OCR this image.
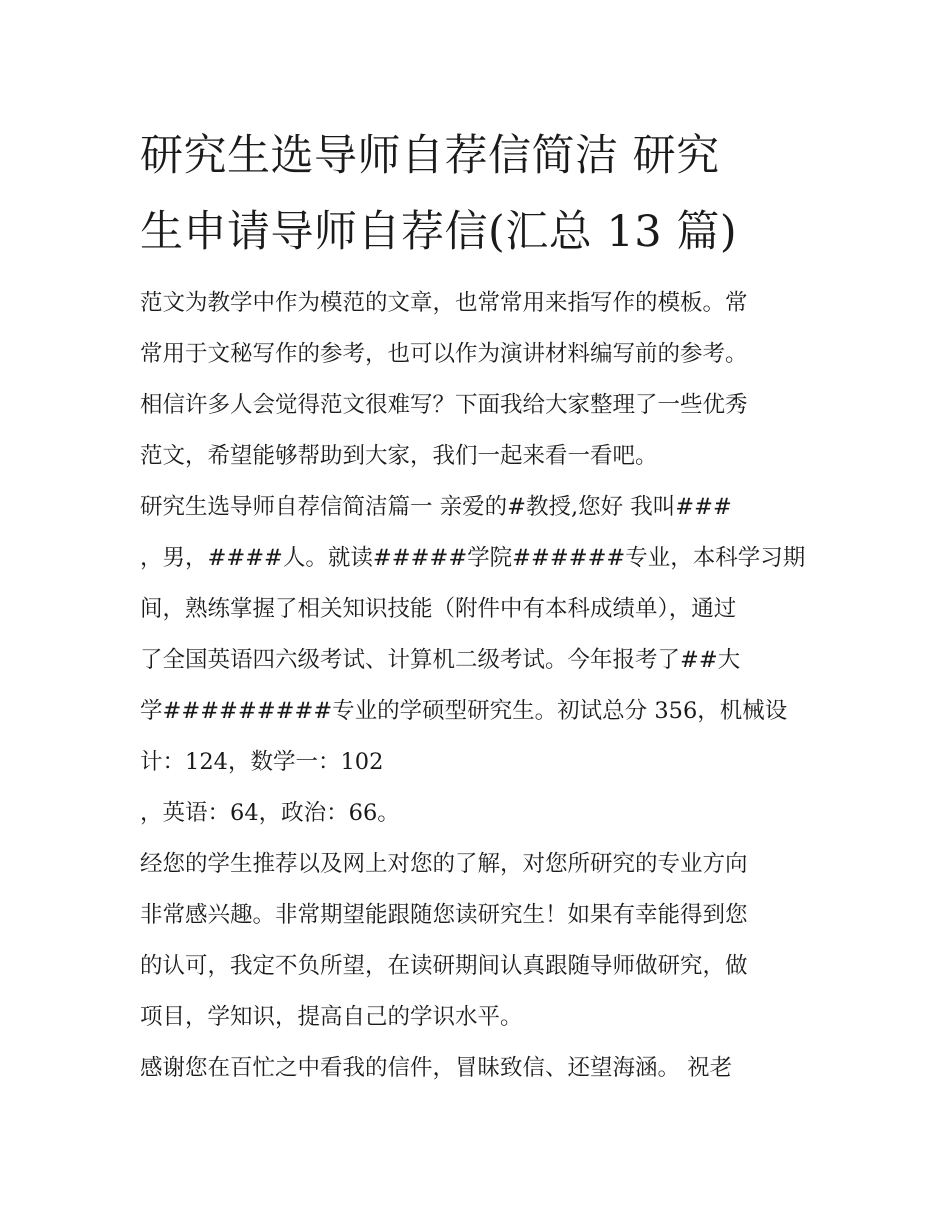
研究生选导师自荐信简洁 研究
生申请导师自荐信(汇总 13 篇)

范文为教学中作为模范的文章，也常常用来指写作的模板。常
常用于文秘写作的参考，也可以作为演讲材料编写前的参考。
相信许多人会觉得范文很难写？下面我给大家整理了一些优秀
范文，希望能够帮助到大家，我们一起来看一看吧。

研究生选导师自荐信简洁篇一 亲爱的#教授,您好 我叫###
，男，####人。就读#####学院######专业，本科学习期
间，熟练掌握了相关知识技能（附件中有本科成绩单），通过
了全国英语四六级考试、计算机二级考试。今年报考了##大
学#########专业的学硕型研究生。初试总分 356，机械设
计：124，数学一：102
，英语：64，政治：66。

经您的学生推荐以及网上对您的了解，对您所研究的专业方向
非常感兴趣。非常期望能跟随您读研究生！如果有幸能得到您
的认可，我定不负所望，在读研期间认真跟随导师做研究，做
项目，学知识，提高自己的学识水平。

感谢您在百忙之中看我的信件，冒昧致信、还望海涵。 祝老
